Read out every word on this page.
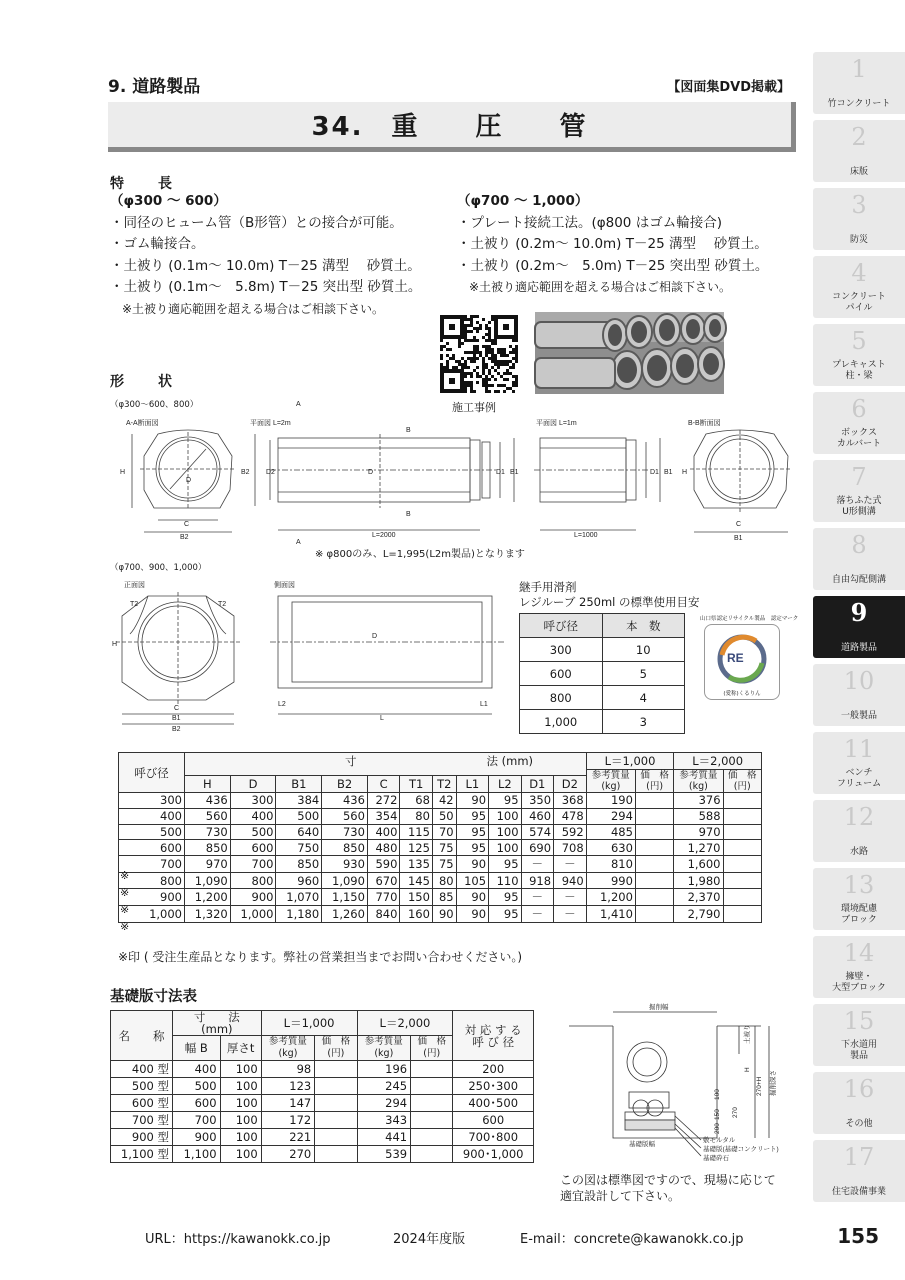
9. 道路製品	【図面集DVD掲載】
34.　重　　圧　　管
1
竹コンクリート
2
床版
3
防災
4
コンクリート
パイル
5
プレキャスト
柱・梁
6
ボックス
カルバート
7
落ちふた式
U形側溝
8
自由勾配側溝
9
道路製品
10
一般製品
11
ベンチ
フリューム
12
水路
13
環境配慮
ブロック
14
擁壁・
大型ブロック
15
下水道用
製品
16
その他
17
住宅設備事業
特　長
（φ300 ～ 600）
・同径のヒューム管（B形管）との接合が可能。
・ゴム輪接合。
・土被り (0.1m～ 10.0m) T－25 溝型　 砂質土。
・土被り (0.1m～　5.8m) T－25 突出型 砂質土。
※土被り適応範囲を超える場合はご相談下さい。
（φ700 ～ 1,000）
・プレート接続工法。(φ800 はゴム輪接合)
・土被り (0.2m～ 10.0m) T－25 溝型　 砂質土。
・土被り (0.2m～　5.0m) T－25 突出型 砂質土。
※土被り適応範囲を超える場合はご相談下さい。
施工事例
形　状
（φ300～600、800）
（φ700、900、1,000）
A-A断面図
H
D
C
B2
平面図 L=2m
A
B2 D2	D	D1 B1
B
B
L=2000
A
平面図 L=1m
D1 B1
L=1000
B-B断面図
H
C
B1
※ φ800のみ、L=1,995(L2m製品)となります
正面図
T2	T2
H
C
B1
B2
側面図
D
L2	L1
L
継手用滑剤
レジルーブ 250ml の標準使用目安
呼び径	本　数
300	10
600	5
800	4
1,000	3
山口県認定リサイクル製品　認定マーク
RE
(愛称)くるりん
呼び径	寸 法 (mm)											L＝1,000		L＝2,000	
												参考質量
(kg)	価　格
(円)	参考質量
(kg)	価　格
(円)
	H	D	B1	B2	C	T1	T2	L1	L2	D1	D2				
300	436	300	384	436	272	68	42	90	95	350	368	190		376	
400	560	400	500	560	354	80	50	95	100	460	478	294		588	
500	730	500	640	730	400	115	70	95	100	574	592	485		970	
600	850	600	750	850	480	125	75	95	100	690	708	630		1,270	
700	970	700	850	930	590	135	75	90	95	－	－	810		1,600	
800	1,090	800	960	1,090	670	145	80	105	110	918	940	990		1,980	
900	1,200	900	1,070	1,150	770	150	85	90	95	－	－	1,200		2,370	
1,000	1,320	1,000	1,180	1,260	840	160	90	90	95	－	－	1,410		2,790	
※
※
※
※
※印 ( 受注生産品となります。弊社の営業担当までお問い合わせください。)
基礎版寸法表
名　　称	寸　　法
(mm)		L＝1,000		L＝2,000		対 応 す る
呼 び 径
	幅 B	厚さt	参考質量
(kg)	価　格
(円)	参考質量
(kg)	価　格
(円)	
400 型	400	100	98		196		200
500 型	500	100	123		245		250･300
600 型	600	100	147		294		400･500
700 型	700	100	172		343		600
900 型	900	100	221		441		700･800
1,100 型	1,100	100	270		539		900･1,000
掘削幅
土被り
H
270+H	掘削深さ
100
150
200
270
基礎版幅
敷モルタル
基礎版(基礎コンクリート)
基礎砕石
この図は標準図ですので、現場に応じて
適宜設計して下さい。
URL：https://kawanokk.co.jp	2024年度版	E-mail：concrete@kawanokk.co.jp	155
